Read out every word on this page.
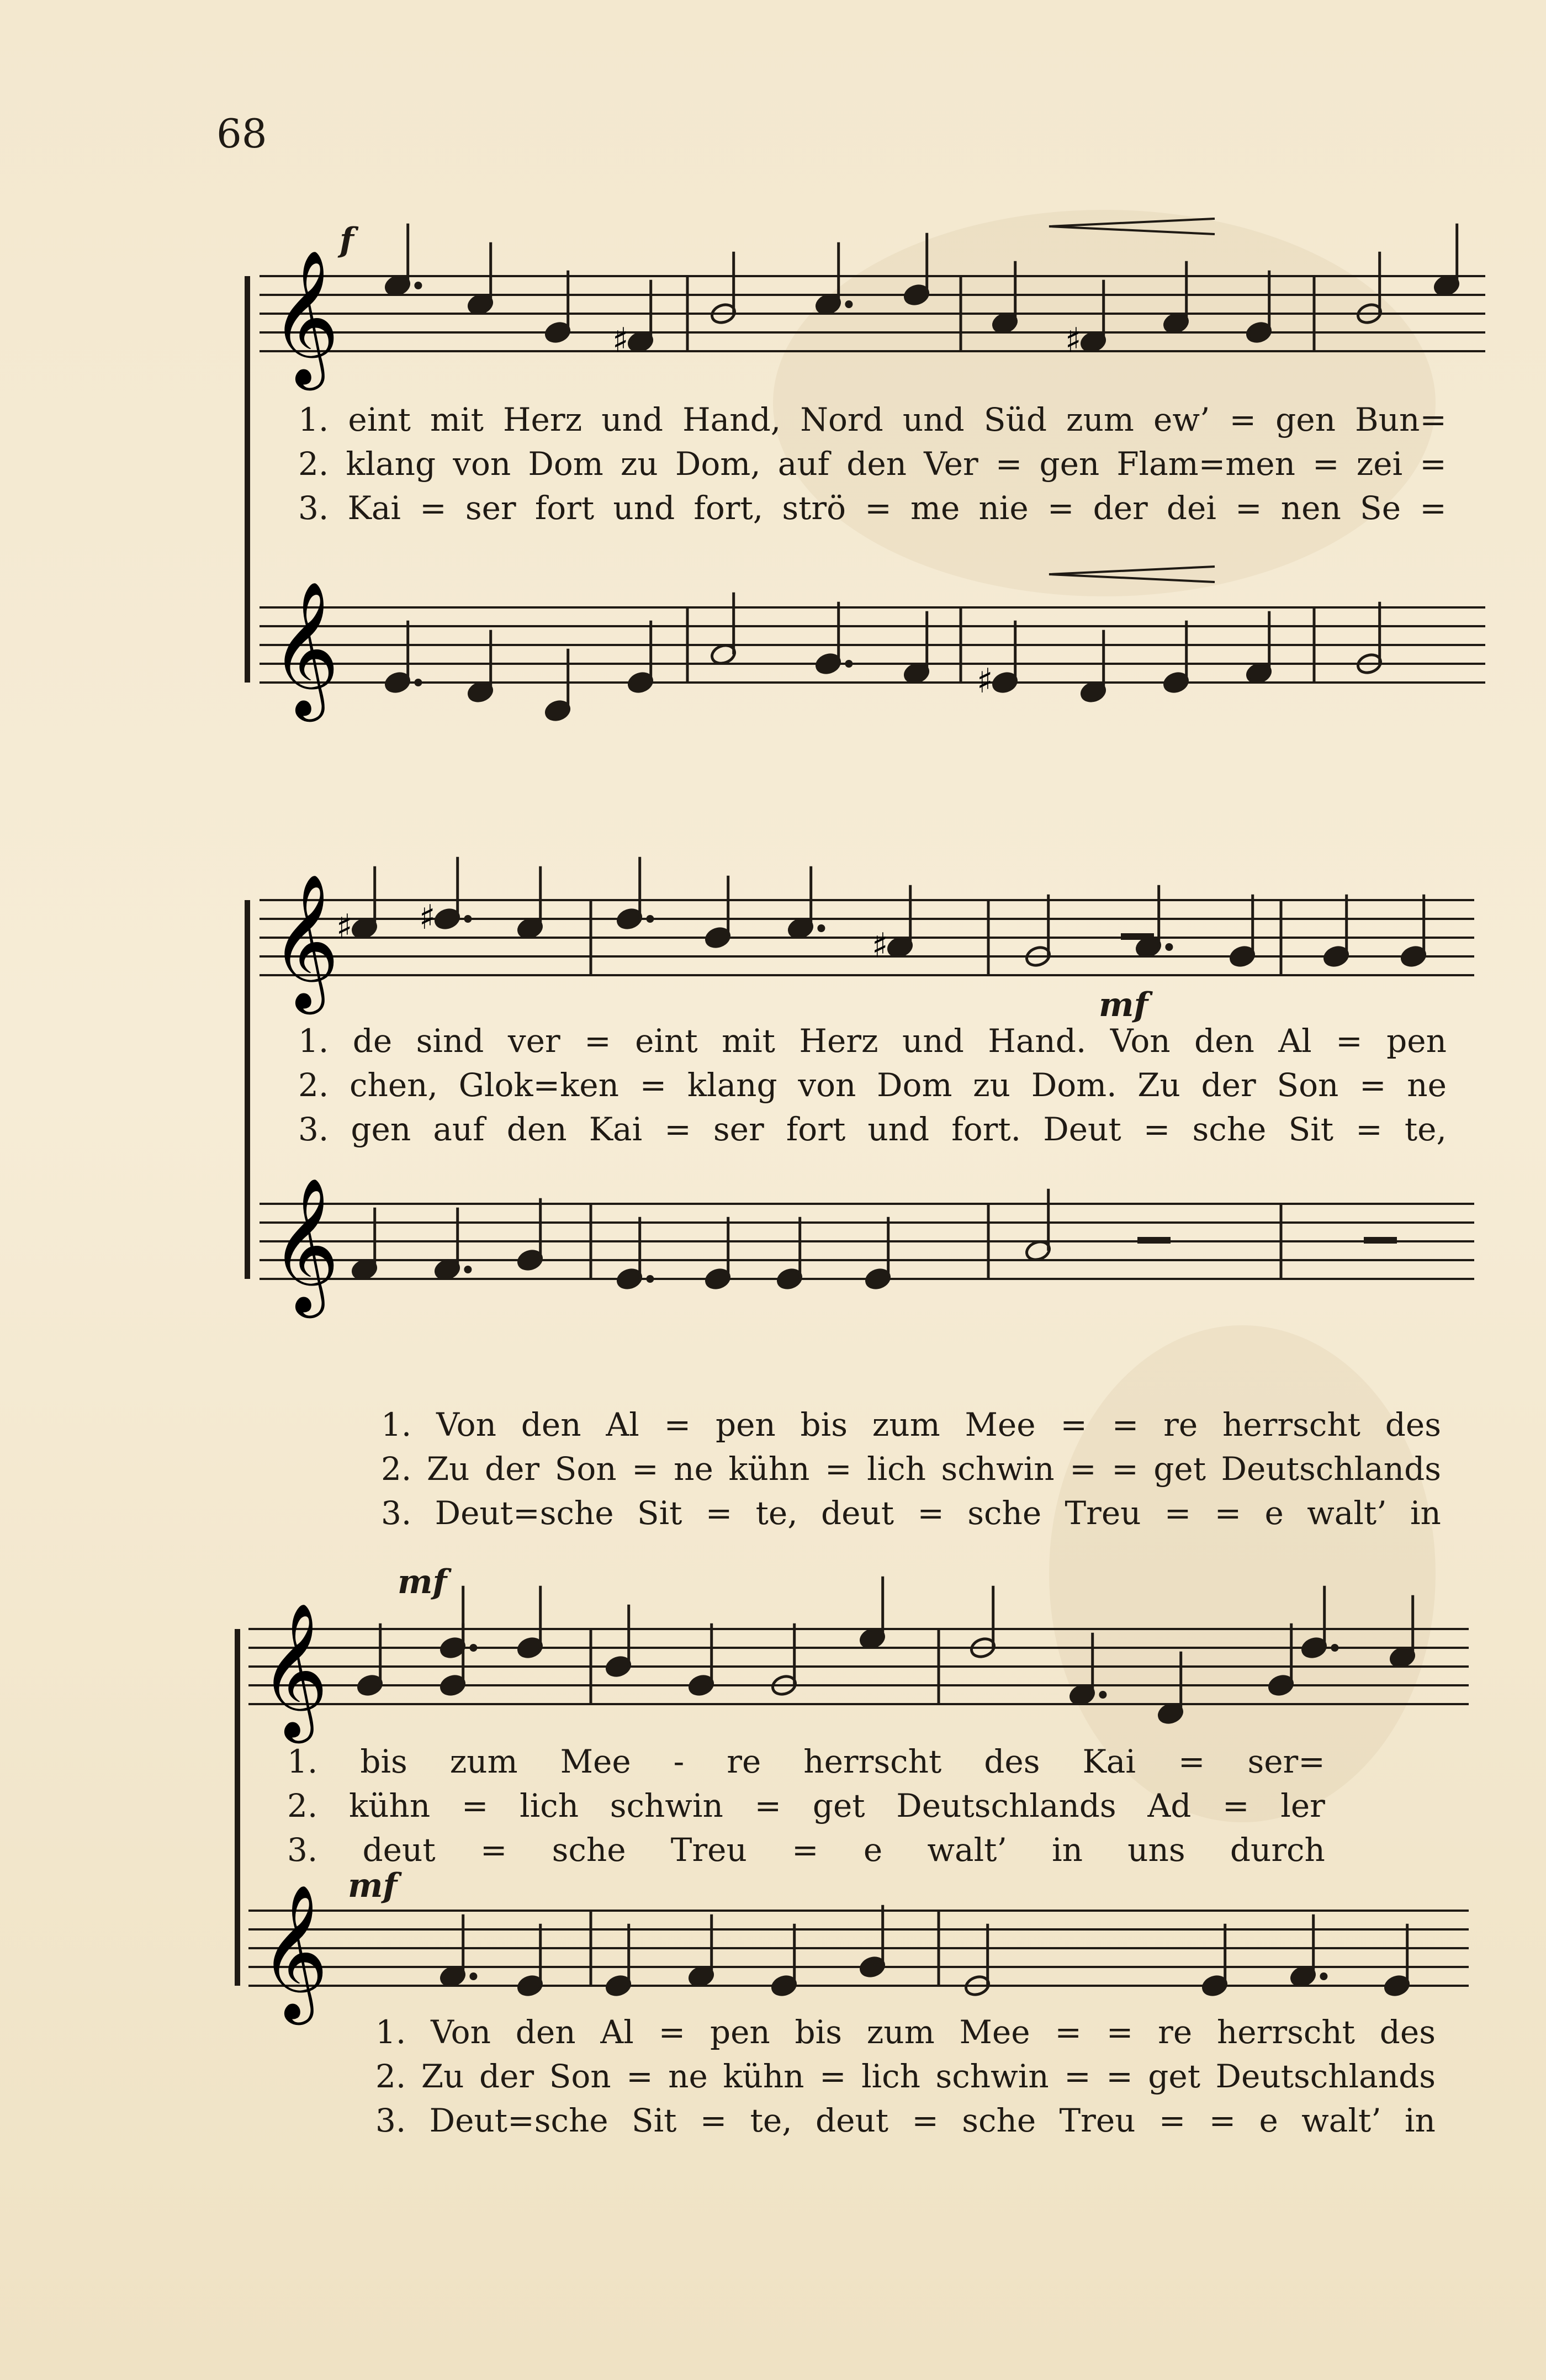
68
𝄞	♯	♯
𝄞	♯
f
1. eint mit Herz und Hand, Nord und Süd zum ew’ = gen Bun=
2. klang von Dom zu Dom, auf den Ver = gen Flam=men = zei =
3. Kai = ser fort und fort, strö = me nie = der dei = nen Se =
𝄞
♯ ♯
♯
𝄞
mf
1. de sind ver = eint mit Herz und Hand. Von den Al = pen
2. chen, Glok=ken = klang von Dom zu Dom. Zu der Son = ne
3. gen auf den Kai = ser fort und fort. Deut = sche Sit = te,
1. Von den Al = pen bis zum Mee = = re herrscht des
2. Zu der Son = ne kühn = lich schwin = = get Deutschlands
3. Deut=sche Sit = te, deut = sche Treu = = e walt’ in
𝄞
𝄞
mf
mf
1. bis zum Mee - re herrscht des Kai = ser=
2. kühn = lich schwin = get Deutschlands Ad = ler
3. deut = sche Treu = e walt’ in uns durch
1. Von den Al = pen bis zum Mee = = re herrscht des
2. Zu der Son = ne kühn = lich schwin = = get Deutschlands
3. Deut=sche Sit = te, deut = sche Treu = = e walt’ in
